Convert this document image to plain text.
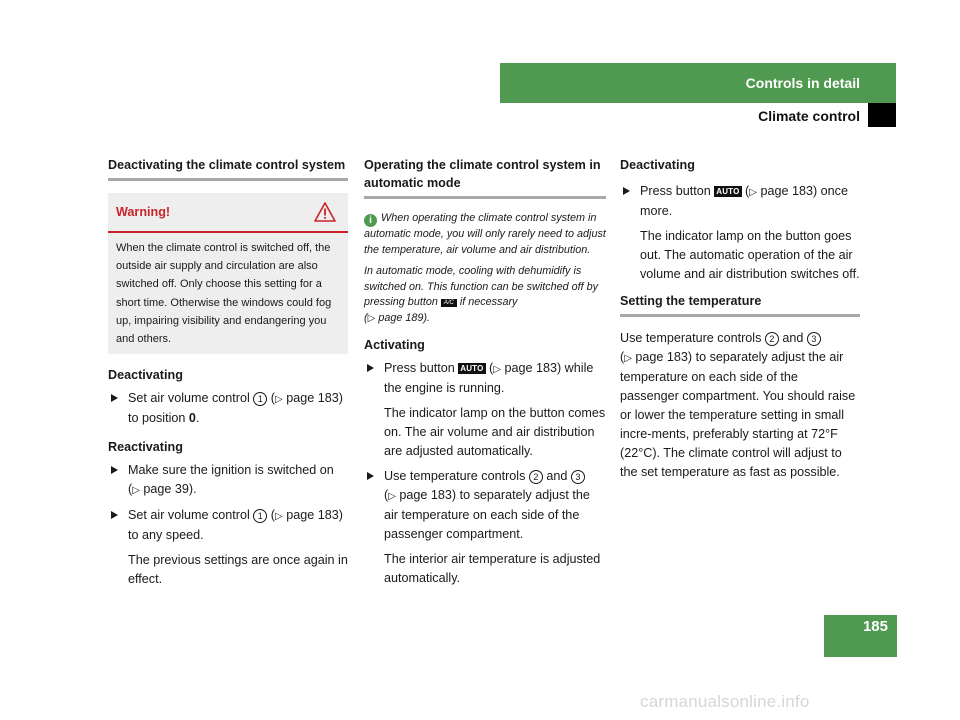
Controls in detail
Climate control
Deactivating the climate control system
Warning!
When the climate control is switched off, the outside air supply and circulation are also switched off. Only choose this setting for a short time. Otherwise the windows could fog up, impairing visibility and endangering you and others.
Deactivating
Set air volume control 1 (▷ page 183)
to position 0.
Reactivating
Make sure the ignition is switched on
(▷ page 39).
Set air volume control 1 (▷ page 183)
to any speed.
The previous settings are once again in effect.
Operating the climate control system in automatic mode

i When operating the climate control system in automatic mode, you will only rarely need to adjust the temperature, air volume and air distribution.

In automatic mode, cooling with dehumidify is switched on. This function can be switched off by pressing button A/C if necessary
(▷ page 189).

Activating
Press button AUTO (▷ page 183) while the engine is running.
The indicator lamp on the button comes on. The air volume and air distribution are adjusted automatically.
Use temperature controls 2 and 3
(▷ page 183) to separately adjust the air temperature on each side of the passenger compartment.
The interior air temperature is adjusted automatically.
Deactivating
Press button AUTO (▷ page 183) once more.
The indicator lamp on the button goes out. The automatic operation of the air volume and air distribution switches off.
Setting the temperature

Use temperature controls 2 and 3
(▷ page 183) to separately adjust the air temperature on each side of the passenger compartment. You should raise or lower the temperature setting in small incre-ments, preferably starting at 72°F (22°C). The climate control will adjust to the set temperature as fast as possible.

185
carmanualsonline.info
